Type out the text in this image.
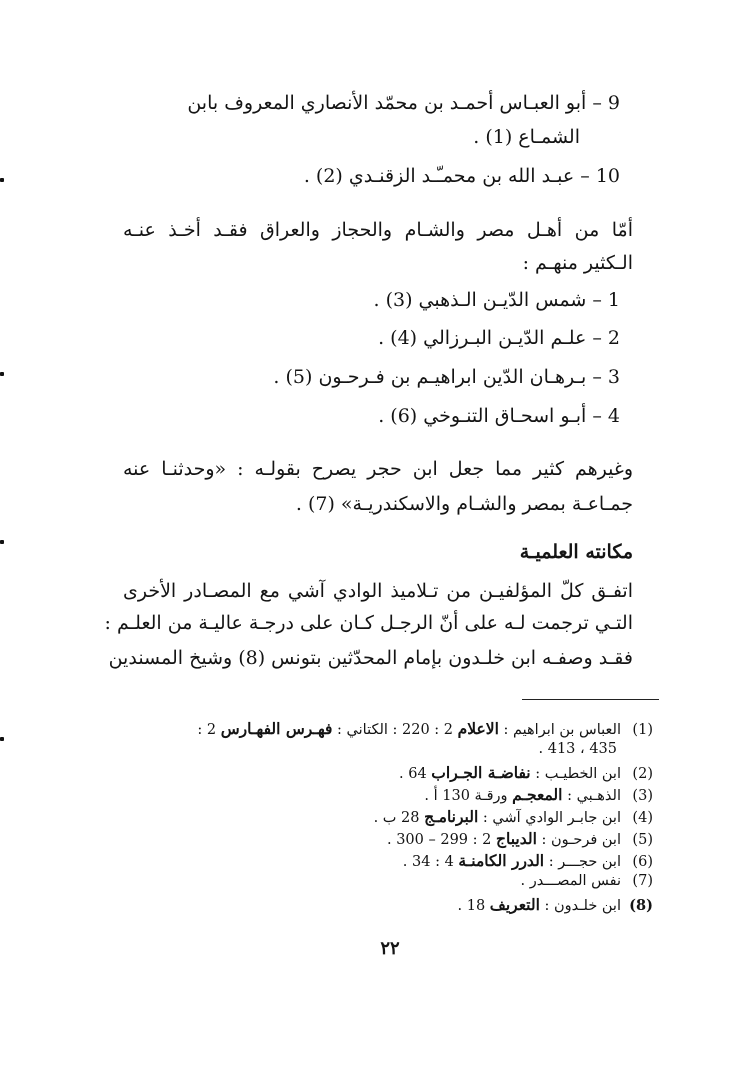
9 – أبو العبـاس أحمـد بن محمّد الأنصاري المعروف بابن
الشمـاع (1) .
10 – عبـد الله بن محمـّـد الزقنـدي (2) .
أمّا من أهـل مصر والشـام والحجاز والعراق فقـد أخـذ عنـه
الـكثير منهـم :
1 – شمس الدّيـن الـذهبي (3) .
2 – علـم الدّيـن البـرزالي (4) .
3 – بـرهـان الدّين ابراهيـم بن فـرحـون (5) .
4 – أبـو اسحـاق التنـوخي (6) .
وغيرهم كثير مما جعل ابن حجر يصرح بقولـه : «وحدثنـا عنه
جمـاعـة بمصر والشـام والاسكندريـة» (7) .
مكانته العلميـة
اتفـق كلّ المؤلفيـن من تـلاميذ الوادي آشي مع المصـادر الأخرى
التـي ترجمت لـه على أنّ الرجـل كـان على درجـة عاليـة من العلـم :
فقـد وصفـه ابن خلـدون بإمام المحدّثين بتونس (8) وشيخ المسندين
(1)العباس بن ابراهيم : الاعلام 2 : 220 : الكتاني : فهـرس الفهـارس 2 :
435 ، 413 .
(2)ابن الخطيـب : نفاضـة الجـراب 64 .
(3)الذهـبي : المعجـم ورقـة 130 أ .
(4)ابن جابـر الوادي آشي : البرنامـج 28 ب .
(5)ابن فرحـون : الديباج 2 : 299 – 300 .
(6)ابن حجـــر : الدرر الكامنـة 4 : 34 .
(7)نفس المصـــدر .
(8)ابن خلـدون : التعريف 18 .
٢٢
